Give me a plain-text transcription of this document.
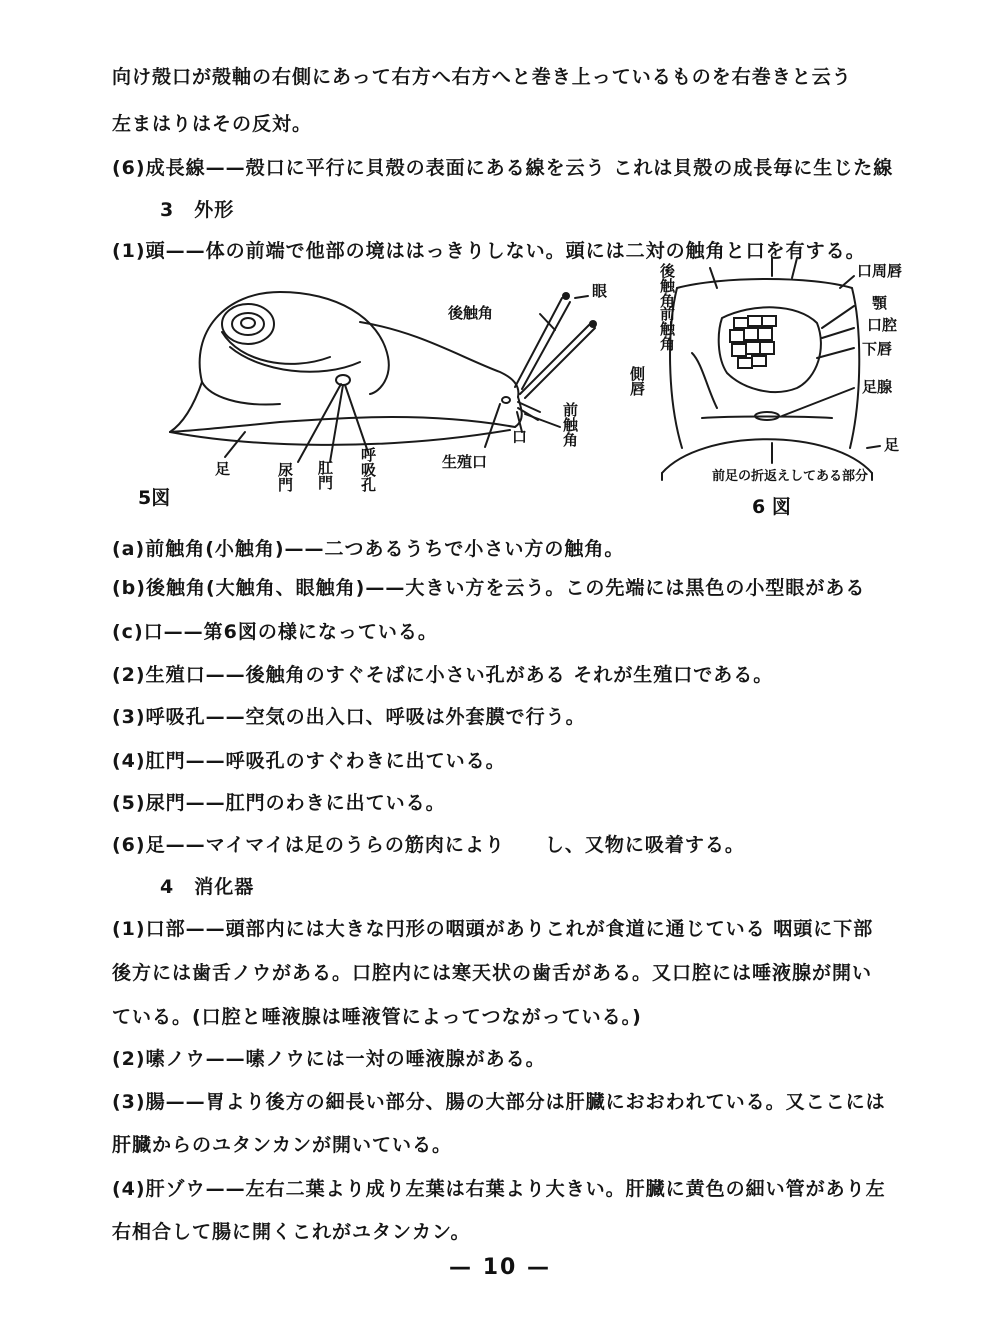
向け殻口が殻軸の右側にあって右方へ右方へと巻き上っているものを右巻きと云う
左まはりはその反対。
(6)成長線——殻口に平行に貝殻の表面にある線を云う これは貝殻の成長毎に生じた線
3　外形
(1)頭——体の前端で他部の境ははっきりしない。頭には二対の触角と口を有する。
眼
後触角
前触角
口
生殖口
足	尿門 肛門 呼吸孔
5図
後触角
前触角
口周唇
顎
口腔
下唇
側唇	足腺
足
前足の折返えしてある部分
6 図
(a)前触角(小触角)——二つあるうちで小さい方の触角。
(b)後触角(大触角、眼触角)——大きい方を云う。この先端には黒色の小型眼がある
(c)口——第6図の様になっている。
(2)生殖口——後触角のすぐそばに小さい孔がある それが生殖口である。
(3)呼吸孔——空気の出入口、呼吸は外套膜で行う。
(4)肛門——呼吸孔のすぐわきに出ている。
(5)尿門——肛門のわきに出ている。
(6)足——マイマイは足のうらの筋肉により　　し、又物に吸着する。
4　消化器
(1)口部——頭部内には大きな円形の咽頭がありこれが食道に通じている 咽頭に下部
後方には歯舌ノウがある。口腔内には寒天状の歯舌がある。又口腔には唾液腺が開い
ている。(口腔と唾液腺は唾液管によってつながっている。)
(2)嗉ノウ——嗉ノウには一対の唾液腺がある。
(3)腸——胃より後方の細長い部分、腸の大部分は肝臓におおわれている。又ここには
肝臓からのユタンカンが開いている。
(4)肝ゾウ——左右二葉より成り左葉は右葉より大きい。肝臓に黄色の細い管があり左
右相合して腸に開くこれがユタンカン。
— 10 —
